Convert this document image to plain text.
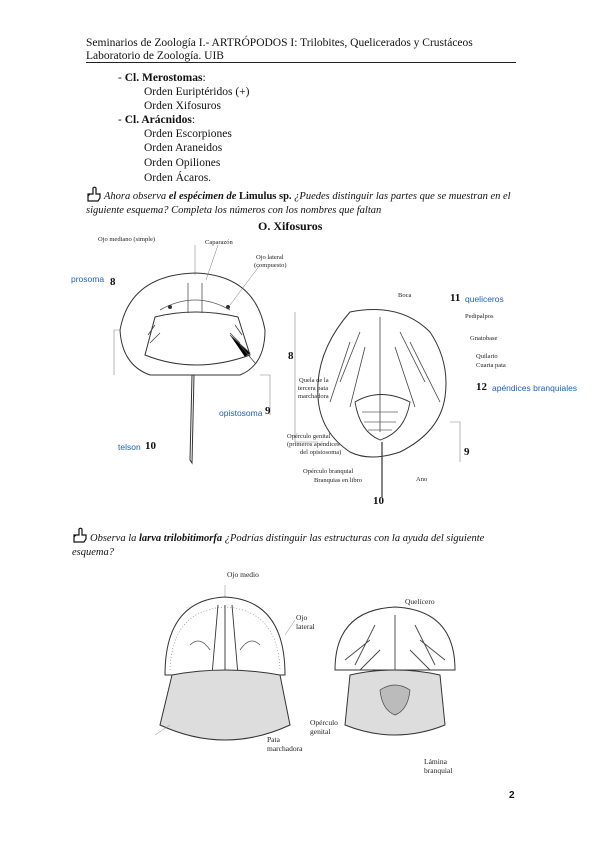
Seminarios de Zoología I.- ARTRÓPODOS I: Trilobites, Quelicerados y Crustáceos
Laboratorio de Zoología. UIB
- Cl. Merostomas:
Orden Euriptéridos (+)
Orden Xifosuros
- Cl. Arácnidos:
Orden Escorpiones
Orden Araneidos
Orden Opiliones
Orden Ácaros.
Ahora observa el espécimen de Limulus sp. ¿Puedes distinguir las partes que se muestran en el
siguiente esquema? Completa los números con los nombres que faltan
O. Xifosuros
Ojo mediano (simple)	Caparazón
Ojo lateral
(compuesto)
8
9
10
11
8
12
9
10
prosoma
opistosoma
telson
queliceros
apéndices branquiales
Boca
Pedipalpos
Gnatobase
Quilario
Cuarta pata
Quela de la
tercera pata
marchadora
Opérculo genital
(primeros apéndices
del opistosoma)
Opérculo branquial
Branquias en libro	Ano
Observa la larva trilobitimorfa ¿Podrías distinguir las estructuras con la ayuda del siguiente
esquema?
Ojo medio
Ojo
lateral
Pata
marchadora
Quelícero
Opérculo
genital
Lámina
branquial
2
